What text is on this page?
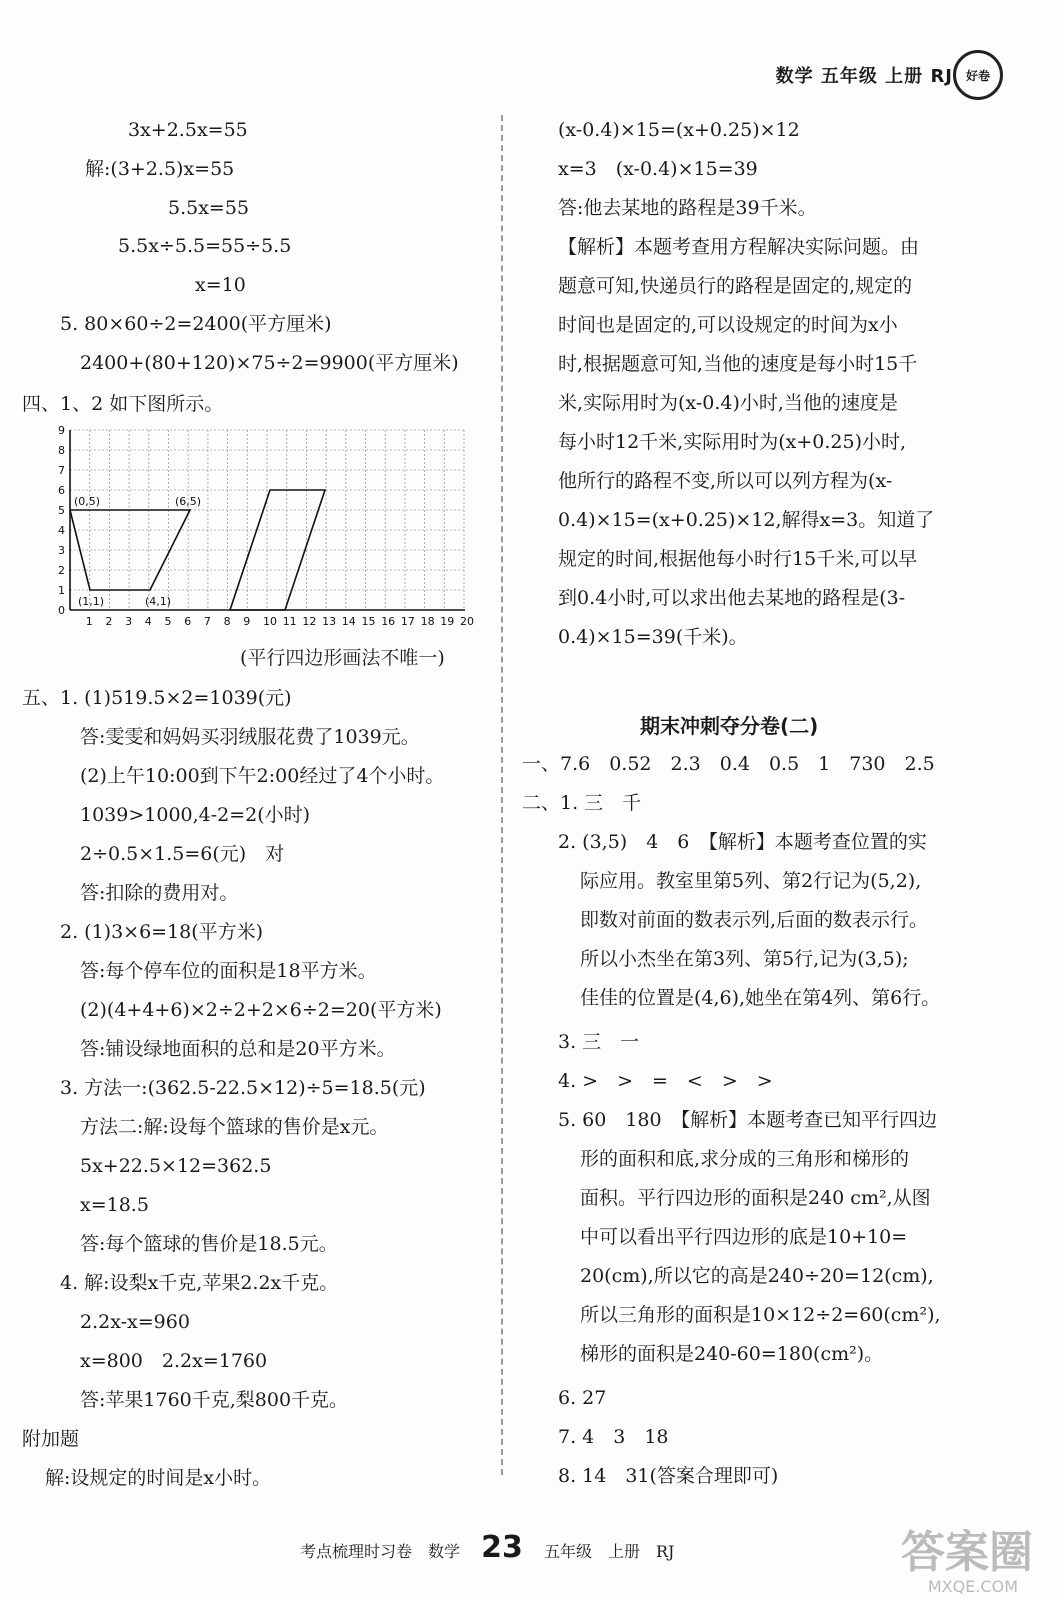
数学 五年级 上册 RJ	好卷
3x+2.5x=55
解:(3+2.5)x=55
5.5x=55
5.5x÷5.5=55÷5.5
x=10
5. 80×60÷2=2400(平方厘米)
2400+(80+120)×75÷2=9900(平方厘米)
四、1、2 如下图所示。
(平行四边形画法不唯一)
五、1. (1)519.5×2=1039(元)
答:雯雯和妈妈买羽绒服花费了1039元。
(2)上午10:00到下午2:00经过了4个小时。
1039>1000,4-2=2(小时)
2÷0.5×1.5=6(元)　对
答:扣除的费用对。
2. (1)3×6=18(平方米)
答:每个停车位的面积是18平方米。
(2)(4+4+6)×2÷2+2×6÷2=20(平方米)
答:铺设绿地面积的总和是20平方米。
3. 方法一:(362.5-22.5×12)÷5=18.5(元)
方法二:解:设每个篮球的售价是x元。
5x+22.5×12=362.5
x=18.5
答:每个篮球的售价是18.5元。
4. 解:设梨x千克,苹果2.2x千克。
2.2x-x=960
x=800　2.2x=1760
答:苹果1760千克,梨800千克。
附加题
解:设规定的时间是x小时。
(x-0.4)×15=(x+0.25)×12
x=3　(x-0.4)×15=39
答:他去某地的路程是39千米。
【解析】本题考查用方程解决实际问题。由
题意可知,快递员行的路程是固定的,规定的
时间也是固定的,可以设规定的时间为x小
时,根据题意可知,当他的速度是每小时15千
米,实际用时为(x-0.4)小时,当他的速度是
每小时12千米,实际用时为(x+0.25)小时,
他所行的路程不变,所以可以列方程为(x-
0.4)×15=(x+0.25)×12,解得x=3。知道了
规定的时间,根据他每小时行15千米,可以早
到0.4小时,可以求出他去某地的路程是(3-
0.4)×15=39(千米)。
一、7.6　0.52　2.3　0.4　0.5　1　730　2.5
二、1. 三　千
2. (3,5)　4　6　【解析】本题考查位置的实
际应用。教室里第5列、第2行记为(5,2),
即数对前面的数表示列,后面的数表示行。
所以小杰坐在第3列、第5行,记为(3,5);
佳佳的位置是(4,6),她坐在第4列、第6行。
3. 三　一
4. >　>　=　<　>　>
5. 60　180　【解析】本题考查已知平行四边
形的面积和底,求分成的三角形和梯形的
面积。平行四边形的面积是240 cm²,从图
中可以看出平行四边形的底是10+10=
20(cm),所以它的高是240÷20=12(cm),
所以三角形的面积是10×12÷2=60(cm²),
梯形的面积是240-60=180(cm²)。
6. 27
7. 4　3　18
8. 14　31(答案合理即可)
期末冲刺夺分卷(二)
0
1
2
3
4
5
6
7
8
9
1 2 3 4 5 6 7 8 9 10 11 12 13 14 15 16 17 18 19 20
(0,5)	(6,5)
(1,1)	(4,1)
考点梳理时习卷　数学 23 五年级　上册　RJ	答案圈
MXQE.COM
